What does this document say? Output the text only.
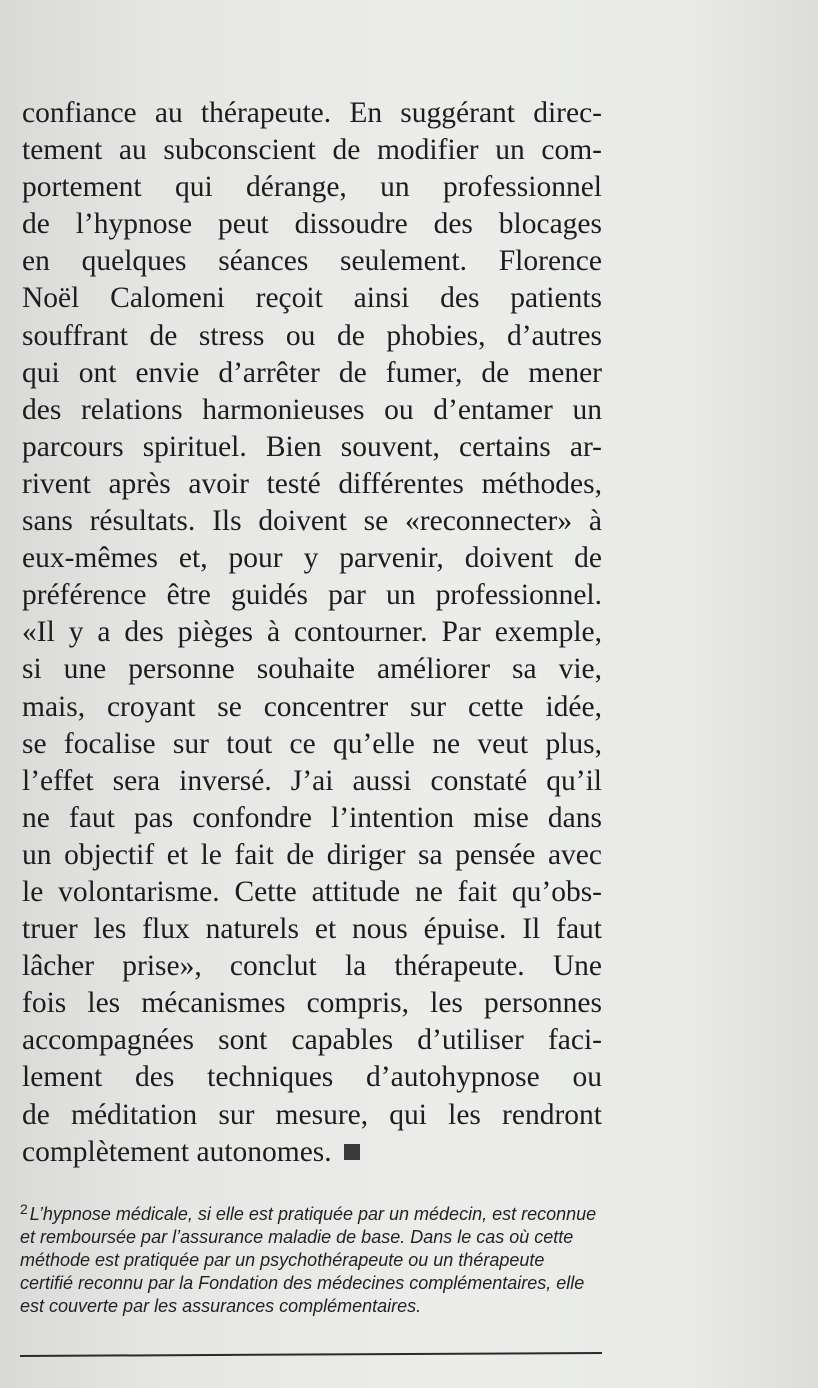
confiance au thérapeute. En suggérant direc-
tement au subconscient de modifier un com-
portement qui dérange, un professionnel
de l’hypnose peut dissoudre des blocages
en quelques séances seulement. Florence
Noël Calomeni reçoit ainsi des patients
souffrant de stress ou de phobies, d’autres
qui ont envie d’arrêter de fumer, de mener
des relations harmonieuses ou d’entamer un
parcours spirituel. Bien souvent, certains ar-
rivent après avoir testé différentes méthodes,
sans résultats. Ils doivent se «reconnecter» à
eux-mêmes et, pour y parvenir, doivent de
préférence être guidés par un professionnel.
«Il y a des pièges à contourner. Par exemple,
si une personne souhaite améliorer sa vie,
mais, croyant se concentrer sur cette idée,
se focalise sur tout ce qu’elle ne veut plus,
l’effet sera inversé. J’ai aussi constaté qu’il
ne faut pas confondre l’intention mise dans
un objectif et le fait de diriger sa pensée avec
le volontarisme. Cette attitude ne fait qu’obs-
truer les flux naturels et nous épuise. Il faut
lâcher prise», conclut la thérapeute. Une
fois les mécanismes compris, les personnes
accompagnées sont capables d’utiliser faci-
lement des techniques d’autohypnose ou
de méditation sur mesure, qui les rendront
complètement autonomes.
$^2$ L’hypnose médicale, si elle est pratiquée par un médecin, est reconnue
et remboursée par l’assurance maladie de base. Dans le cas où cette
méthode est pratiquée par un psychothérapeute ou un thérapeute
certifié reconnu par la Fondation des médecines complémentaires, elle
est couverte par les assurances complémentaires.
